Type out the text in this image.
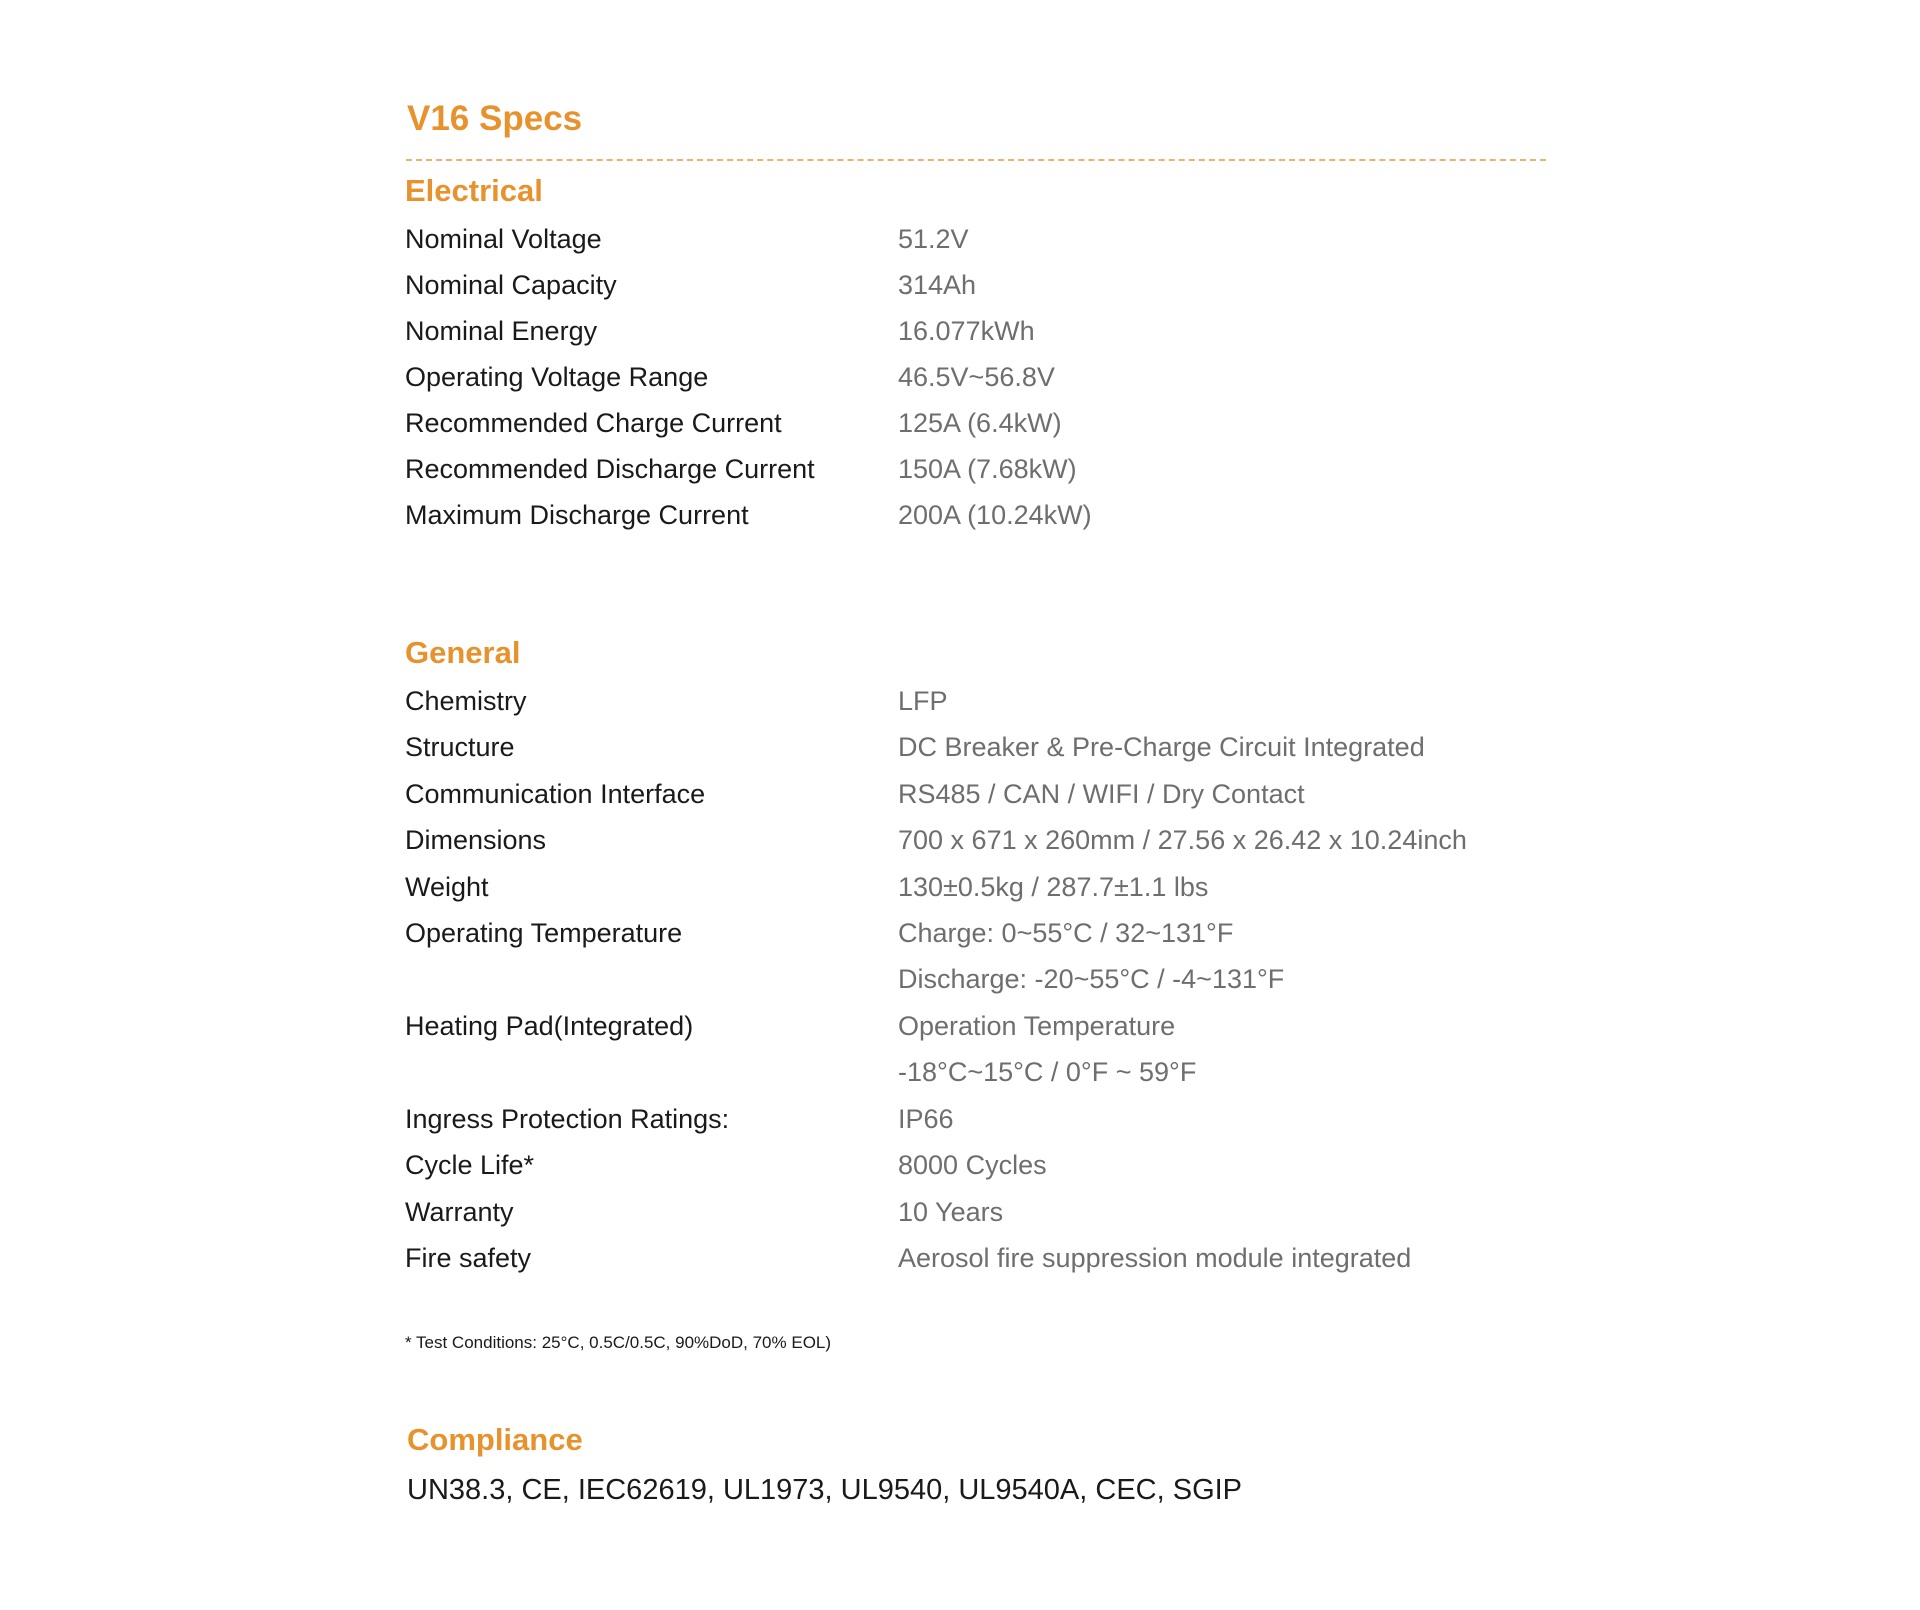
V16 Specs
Electrical
Nominal Voltage	51.2V
Nominal Capacity	314Ah
Nominal Energy	16.077kWh
Operating Voltage Range	46.5V~56.8V
Recommended Charge Current	125A (6.4kW)
Recommended Discharge Current	150A (7.68kW)
Maximum Discharge Current	200A (10.24kW)
General
Chemistry	LFP
Structure	DC Breaker & Pre-Charge Circuit Integrated
Communication Interface	RS485 / CAN / WIFI / Dry Contact
Dimensions	700 x 671 x 260mm / 27.56 x 26.42 x 10.24inch
Weight	130±0.5kg / 287.7±1.1 lbs
Operating Temperature	Charge: 0~55°C / 32~131°F
Discharge: -20~55°C / -4~131°F
Heating Pad(Integrated)	Operation Temperature
-18°C~15°C / 0°F ~ 59°F
Ingress Protection Ratings:	IP66
Cycle Life*	8000 Cycles
Warranty	10 Years
Fire safety	Aerosol fire suppression module integrated
* Test Conditions: 25°C, 0.5C/0.5C, 90%DoD, 70% EOL)
Compliance
UN38.3, CE, IEC62619, UL1973, UL9540, UL9540A, CEC, SGIP
